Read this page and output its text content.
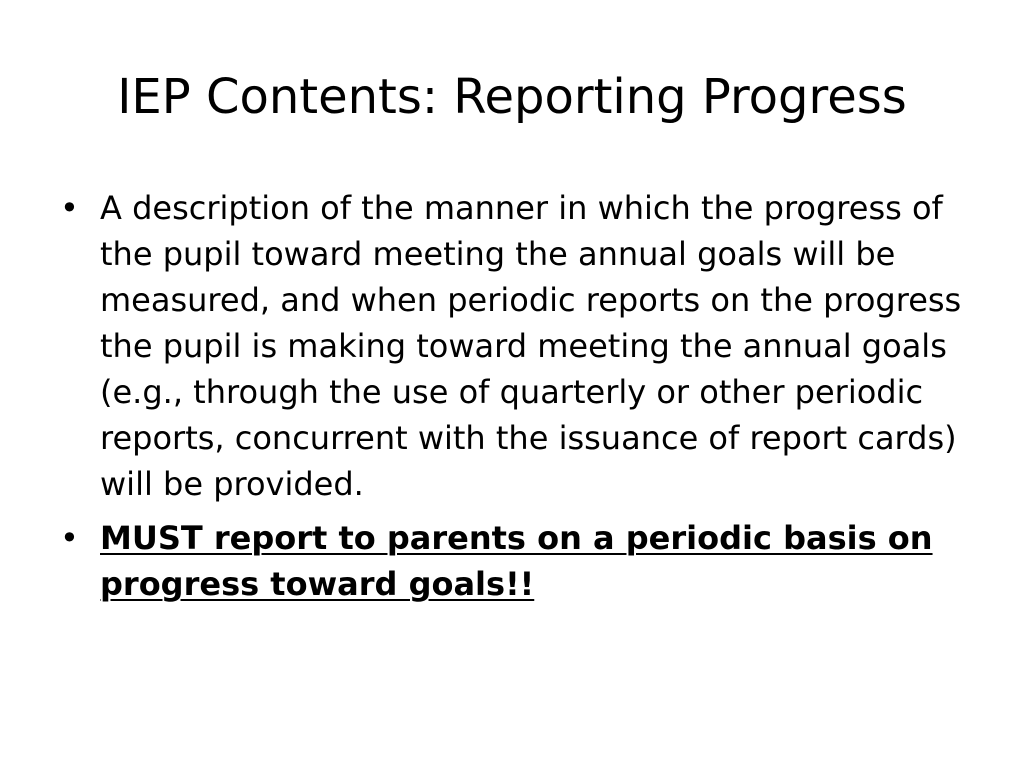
IEP Contents: Reporting Progress
• A description of the manner in which the progress of the pupil toward meeting the annual goals will be measured, and when periodic reports on the progress the pupil is making toward meeting the annual goals (e.g., through the use of quarterly or other periodic reports, concurrent with the issuance of report cards) will be provided.
• MUST report to parents on a periodic basis on progress toward goals!!
